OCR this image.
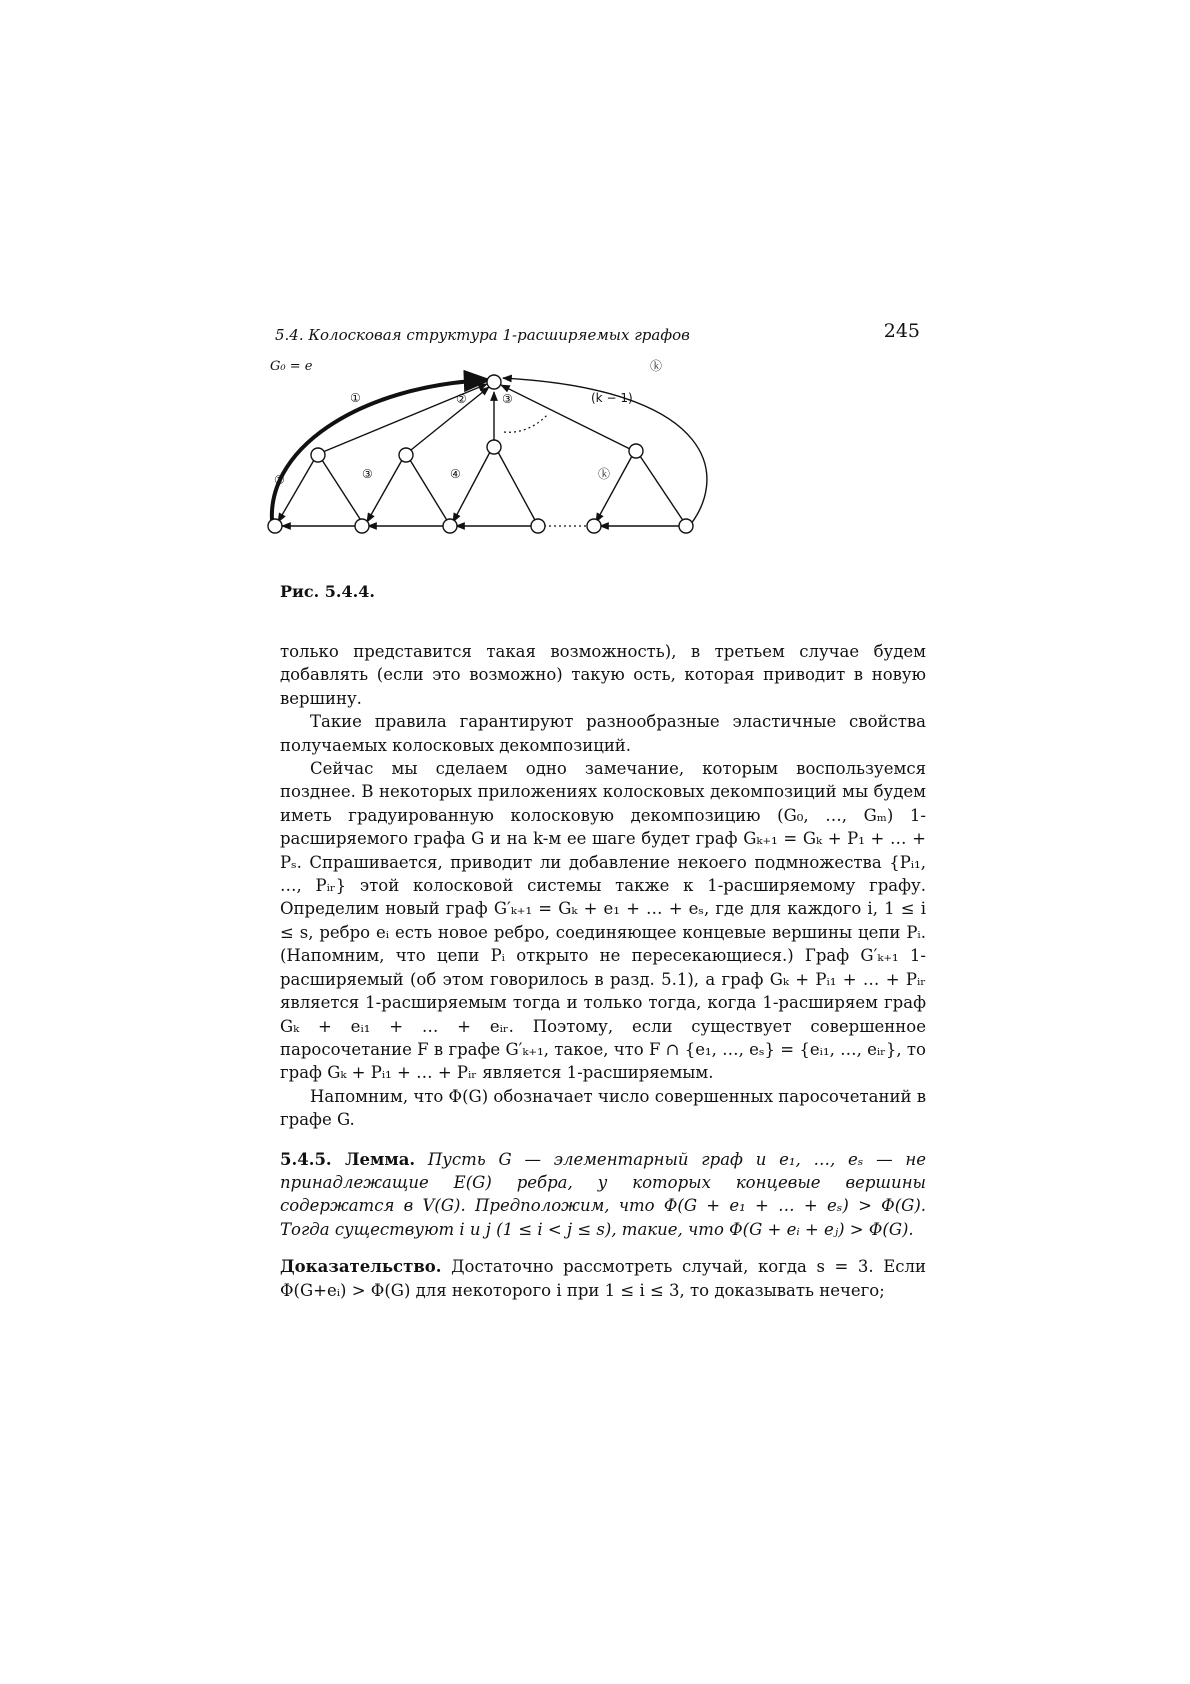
5.4. Колосковая структура 1-расширяемых графов	245
G₀ = e
①	②	③	(k − 1)
ⓚ
②	③	④	ⓚ
Рис. 5.4.4.

только представится такая возможность), в третьем случае будем добавлять (если это возможно) такую ость, которая приводит в новую вершину.

Такие правила гарантируют разнообразные эластичные свойства получаемых колосковых декомпозиций.

Сейчас мы сделаем одно замечание, которым воспользуемся позднее. В некоторых приложениях колосковых декомпозиций мы будем иметь градуированную колосковую декомпозицию (G₀, …, Gₘ) 1-расширяемого графа G и на k-м ее шаге будет граф Gₖ₊₁ = Gₖ + P₁ + … + Pₛ. Спрашивается, приводит ли добавление некоего подмножества {Pᵢ₁, …, Pᵢᵣ} этой колосковой системы также к 1-расширяемому графу. Определим новый граф G′ₖ₊₁ = Gₖ + e₁ + … + eₛ, где для каждого i, 1 ≤ i ≤ s, ребро eᵢ есть новое ребро, соединяющее концевые вершины цепи Pᵢ. (Напомним, что цепи Pᵢ открыто не пересекающиеся.) Граф G′ₖ₊₁ 1-расширяемый (об этом говорилось в разд. 5.1), а граф Gₖ + Pᵢ₁ + … + Pᵢᵣ является 1-расширяемым тогда и только тогда, когда 1-расширяем граф Gₖ + eᵢ₁ + … + eᵢᵣ. Поэтому, если существует совершенное паросочетание F в графе G′ₖ₊₁, такое, что F ∩ {e₁, …, eₛ} = {eᵢ₁, …, eᵢᵣ}, то граф Gₖ + Pᵢ₁ + … + Pᵢᵣ является 1-расширяемым.

Напомним, что Φ(G) обозначает число совершенных паросочетаний в графе G.

5.4.5. Лемма. Пусть G — элементарный граф и e₁, …, eₛ — не принадлежащие E(G) ребра, у которых концевые вершины содержатся в V(G). Предположим, что Φ(G + e₁ + … + eₛ) > Φ(G). Тогда существуют i и j (1 ≤ i < j ≤ s), такие, что Φ(G + eᵢ + eⱼ) > Φ(G).

Доказательство. Достаточно рассмотреть случай, когда s = 3. Если Φ(G+eᵢ) > Φ(G) для некоторого i при 1 ≤ i ≤ 3, то доказывать нечего;
